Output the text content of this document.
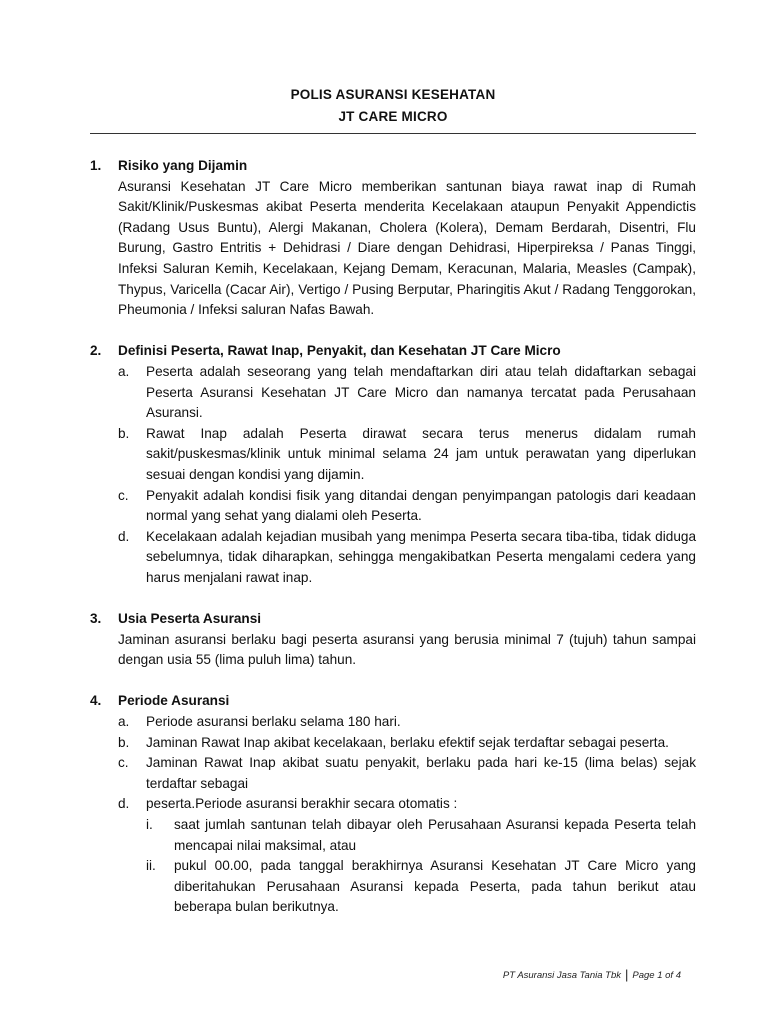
POLIS ASURANSI KESEHATAN
JT CARE MICRO
1. Risiko yang Dijamin
Asuransi Kesehatan JT Care Micro memberikan santunan biaya rawat inap di Rumah Sakit/Klinik/Puskesmas akibat Peserta menderita Kecelakaan ataupun Penyakit Appendictis (Radang Usus Buntu), Alergi Makanan, Cholera (Kolera), Demam Berdarah, Disentri, Flu Burung, Gastro Entritis + Dehidrasi / Diare dengan Dehidrasi, Hiperpireksa / Panas Tinggi, Infeksi Saluran Kemih, Kecelakaan, Kejang Demam, Keracunan, Malaria, Measles (Campak), Thypus, Varicella (Cacar Air), Vertigo / Pusing Berputar, Pharingitis Akut / Radang Tenggorokan, Pheumonia / Infeksi saluran Nafas Bawah.
2. Definisi Peserta, Rawat Inap, Penyakit, dan Kesehatan JT Care Micro
a. Peserta adalah seseorang yang telah mendaftarkan diri atau telah didaftarkan sebagai Peserta Asuransi Kesehatan JT Care Micro dan namanya tercatat pada Perusahaan Asuransi.
b. Rawat Inap adalah Peserta dirawat secara terus menerus didalam rumah sakit/puskesmas/klinik untuk minimal selama 24 jam untuk perawatan yang diperlukan sesuai dengan kondisi yang dijamin.
c. Penyakit adalah kondisi fisik yang ditandai dengan penyimpangan patologis dari keadaan normal yang sehat yang dialami oleh Peserta.
d. Kecelakaan adalah kejadian musibah yang menimpa Peserta secara tiba-tiba, tidak diduga sebelumnya, tidak diharapkan, sehingga mengakibatkan Peserta mengalami cedera yang harus menjalani rawat inap.
3. Usia Peserta Asuransi
Jaminan asuransi berlaku bagi peserta asuransi yang berusia minimal 7 (tujuh) tahun sampai dengan usia 55 (lima puluh lima) tahun.
4. Periode Asuransi
a. Periode asuransi berlaku selama 180 hari.
b. Jaminan Rawat Inap akibat kecelakaan, berlaku efektif sejak terdaftar sebagai peserta.
c. Jaminan Rawat Inap akibat suatu penyakit, berlaku pada hari ke-15 (lima belas) sejak terdaftar sebagai
d. peserta.Periode asuransi berakhir secara otomatis :
i. saat jumlah santunan telah dibayar oleh Perusahaan Asuransi kepada Peserta telah mencapai nilai maksimal, atau
ii. pukul 00.00, pada tanggal berakhirnya Asuransi Kesehatan JT Care Micro yang diberitahukan Perusahaan Asuransi kepada Peserta, pada tahun berikut atau beberapa bulan berikutnya.
PT Asuransi Jasa Tania Tbk | Page 1 of 4
